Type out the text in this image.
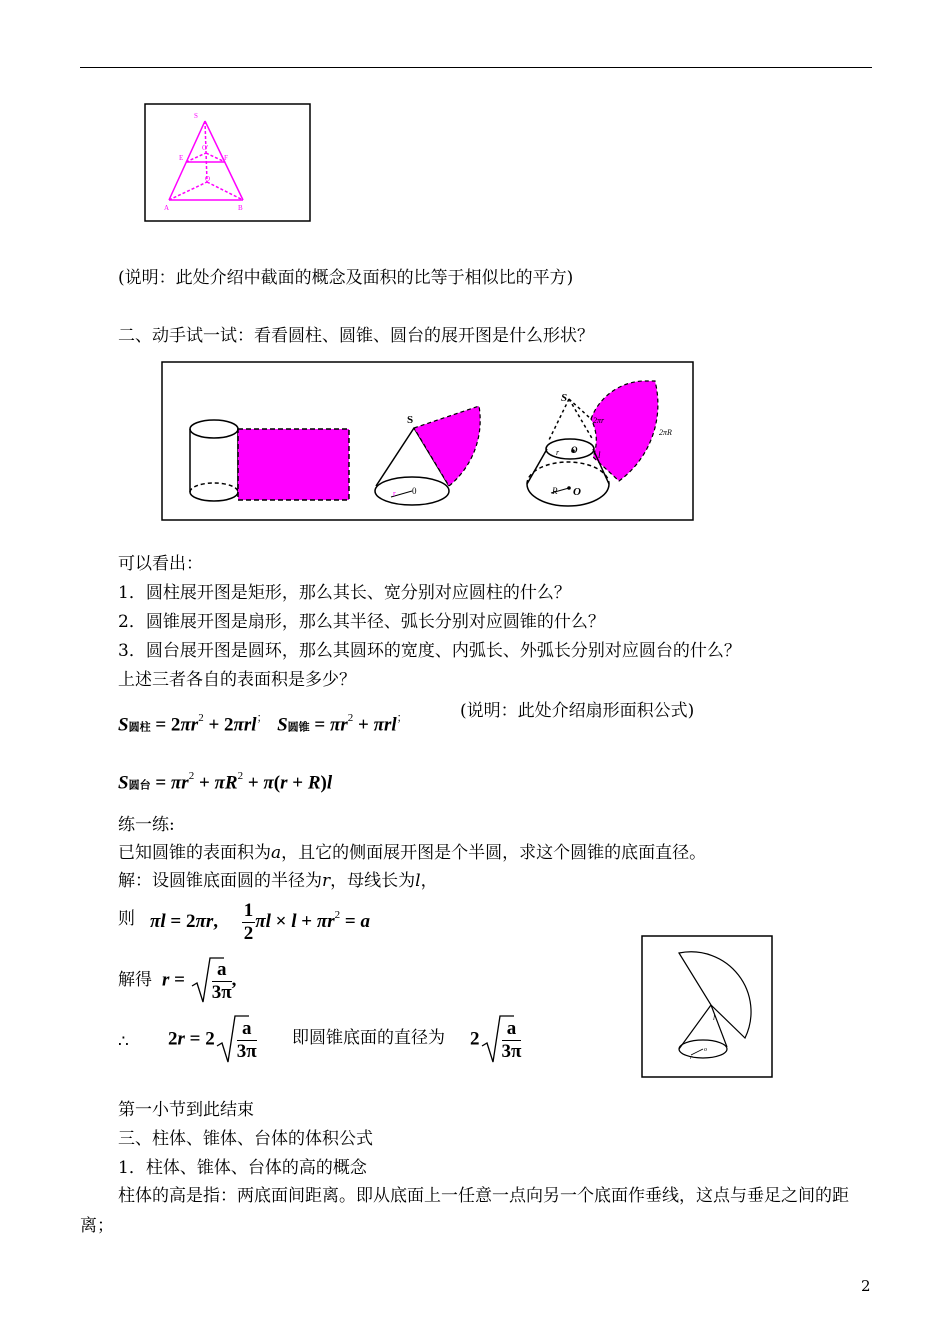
S
E	F
O'
O
A	B
(说明：此处介绍中截面的概念及面积的比等于相似比的平方)
二、动手试一试：看看圆柱、圆锥、圆台的展开图是什么形状？
S
2 π r
r 0
S
2πr
2πR
r O l
R O
可以看出：
1．圆柱展开图是矩形，那么其长、宽分别对应圆柱的什么？
2．圆锥展开图是扇形，那么其半径、弧长分别对应圆锥的什么？
3．圆台展开图是圆环，那么其圆环的宽度、内弧长、外弧长分别对应圆台的什么？
上述三者各自的表面积是多少？
S圆柱 = $2\pi r^2 + 2\pi rl^;$  S圆锥 = $\pi r^2 + \pi rl^;$	(说明：此处介绍扇形面积公式)
S圆台 = $\pi r^2 + \pi R^2 + \pi(r + R)l$
练一练:
已知圆锥的表面积为a，且它的侧面展开图是个半圆，求这个圆锥的底面直径。
解：设圆锥底面圆的半径为r，母线长为l，
则 πl = 2πr, $\frac{1}{2}$ $\pi l \times l + \pi r^2 = a$
解得 $r = \frac{a}{3\pi}$ ,
∴ $2r = 2 \frac{a}{3\pi}$ 即圆锥底面的直径为 $2 \frac{a}{3\pi}$	l
r
o
第一小节到此结束
三、柱体、锥体、台体的体积公式
1．柱体、锥体、台体的高的概念
柱体的高是指：两底面间距离。即从底面上一任意一点向另一个底面作垂线，这点与垂足之间的距离；
2
